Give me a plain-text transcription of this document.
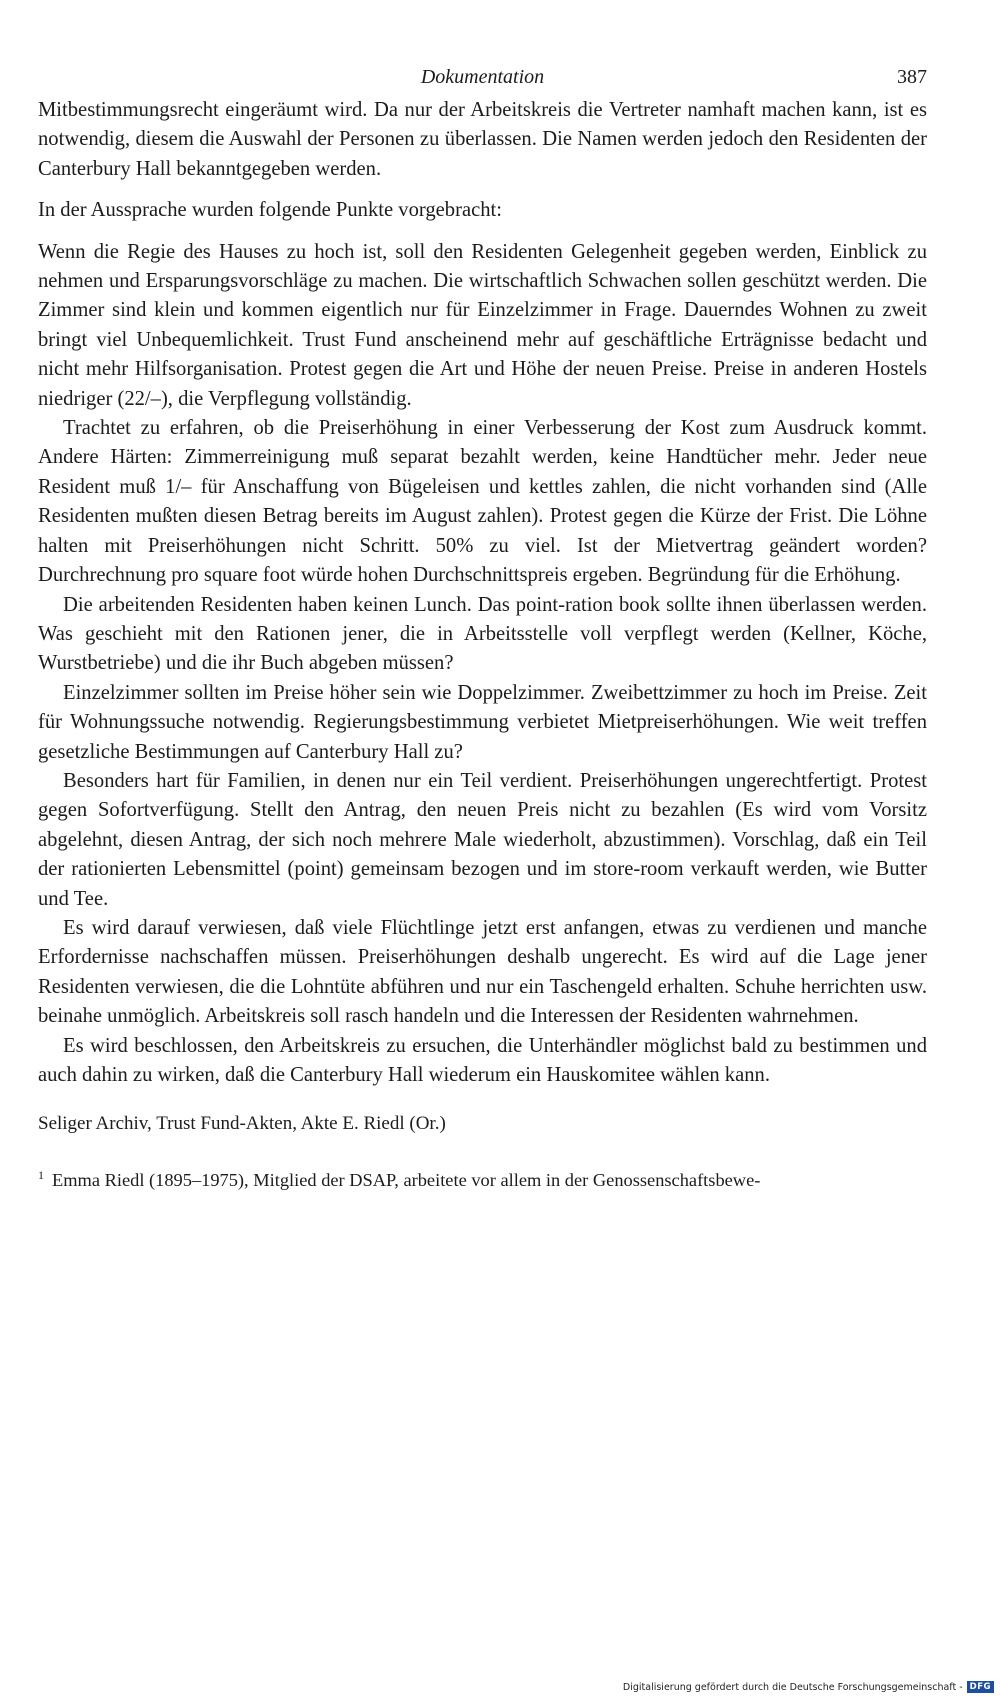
Dokumentation	387

Mitbestimmungsrecht eingeräumt wird. Da nur der Arbeitskreis die Vertreter namhaft machen kann, ist es notwendig, diesem die Auswahl der Personen zu überlassen. Die Namen werden jedoch den Residenten der Canterbury Hall bekanntgegeben werden.

In der Aussprache wurden folgende Punkte vorgebracht:

Wenn die Regie des Hauses zu hoch ist, soll den Residenten Gelegenheit gegeben werden, Einblick zu nehmen und Ersparungsvorschläge zu machen. Die wirtschaftlich Schwachen sollen geschützt werden. Die Zimmer sind klein und kommen eigentlich nur für Einzelzimmer in Frage. Dauerndes Wohnen zu zweit bringt viel Unbequemlichkeit. Trust Fund anscheinend mehr auf geschäftliche Erträgnisse bedacht und nicht mehr Hilfsorganisation. Protest gegen die Art und Höhe der neuen Preise. Preise in anderen Hostels niedriger (22/–), die Verpflegung vollständig.

Trachtet zu erfahren, ob die Preiserhöhung in einer Verbesserung der Kost zum Ausdruck kommt. Andere Härten: Zimmerreinigung muß separat bezahlt werden, keine Handtücher mehr. Jeder neue Resident muß 1/– für Anschaffung von Bügeleisen und kettles zahlen, die nicht vorhanden sind (Alle Residenten mußten diesen Betrag bereits im August zahlen). Protest gegen die Kürze der Frist. Die Löhne halten mit Preiserhöhungen nicht Schritt. 50% zu viel. Ist der Mietvertrag geändert worden? Durchrechnung pro square foot würde hohen Durchschnittspreis ergeben. Begründung für die Erhöhung.

Die arbeitenden Residenten haben keinen Lunch. Das point-ration book sollte ihnen überlassen werden. Was geschieht mit den Rationen jener, die in Arbeitsstelle voll verpflegt werden (Kellner, Köche, Wurstbetriebe) und die ihr Buch abgeben müssen?

Einzelzimmer sollten im Preise höher sein wie Doppelzimmer. Zweibettzimmer zu hoch im Preise. Zeit für Wohnungssuche notwendig. Regierungsbestimmung verbietet Mietpreiserhöhungen. Wie weit treffen gesetzliche Bestimmungen auf Canterbury Hall zu?

Besonders hart für Familien, in denen nur ein Teil verdient. Preiserhöhungen ungerechtfertigt. Protest gegen Sofortverfügung. Stellt den Antrag, den neuen Preis nicht zu bezahlen (Es wird vom Vorsitz abgelehnt, diesen Antrag, der sich noch mehrere Male wiederholt, abzustimmen). Vorschlag, daß ein Teil der rationierten Lebensmittel (point) gemeinsam bezogen und im store-room verkauft werden, wie Butter und Tee.

Es wird darauf verwiesen, daß viele Flüchtlinge jetzt erst anfangen, etwas zu verdienen und manche Erfordernisse nachschaffen müssen. Preiserhöhungen deshalb ungerecht. Es wird auf die Lage jener Residenten verwiesen, die die Lohntüte abführen und nur ein Taschengeld erhalten. Schuhe herrichten usw. beinahe unmöglich. Arbeitskreis soll rasch handeln und die Interessen der Residenten wahrnehmen.

Es wird beschlossen, den Arbeitskreis zu ersuchen, die Unterhändler möglichst bald zu bestimmen und auch dahin zu wirken, daß die Canterbury Hall wiederum ein Hauskomitee wählen kann.

Seliger Archiv, Trust Fund-Akten, Akte E. Riedl (Or.)
$^1$ Emma Riedl (1895–1975), Mitglied der DSAP, arbeitete vor allem in der Genossenschaftsbewe-
Digitalisierung gefördert durch die Deutsche Forschungsgemeinschaft - DFG
